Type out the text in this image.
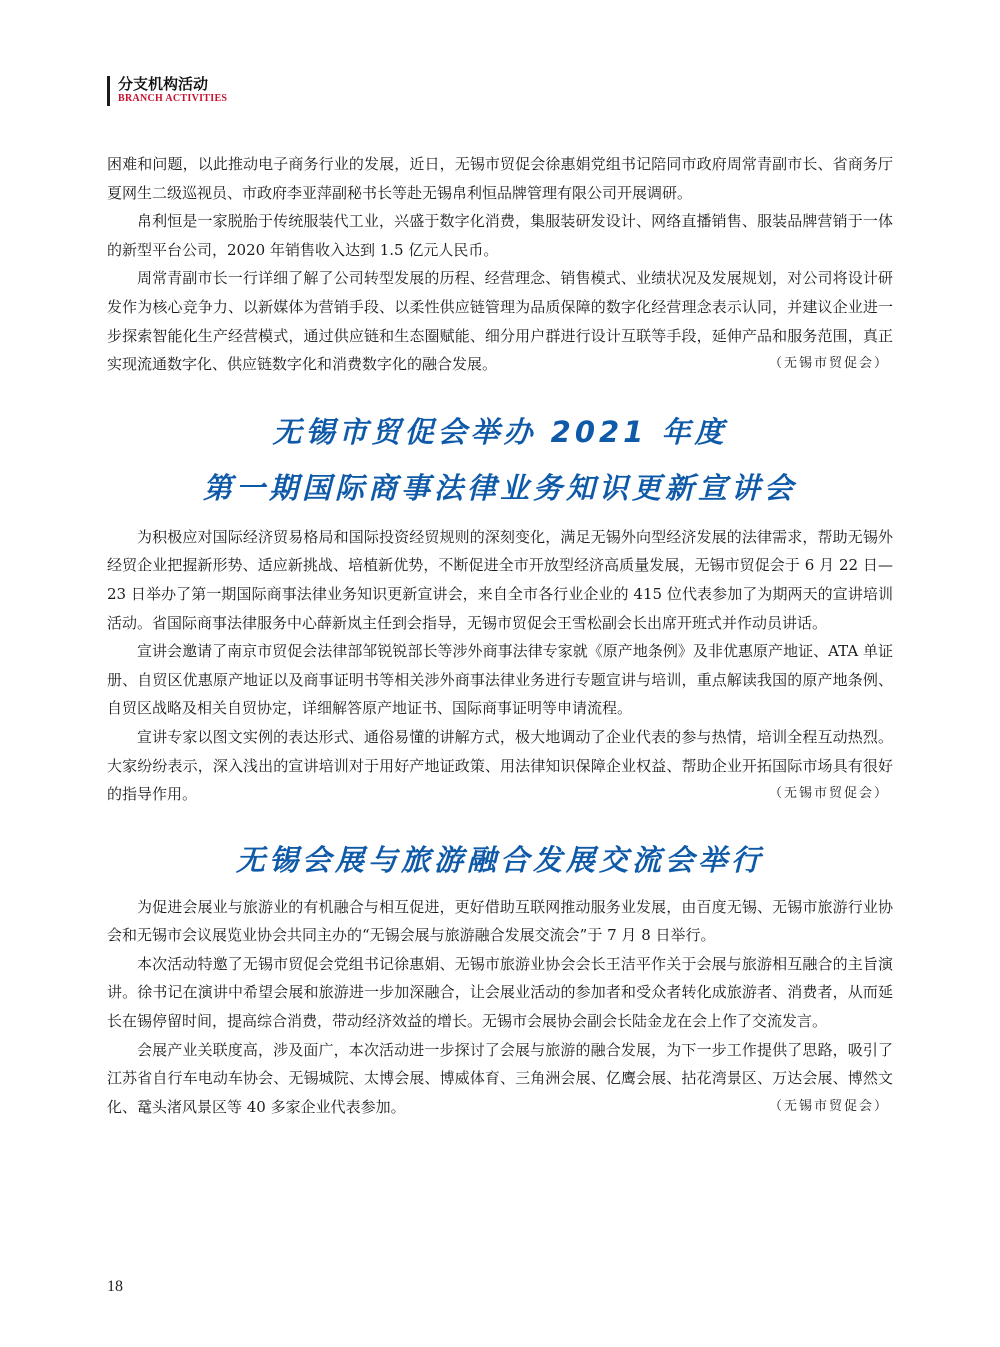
分支机构活动
BRANCH ACTIVITIES

困难和问题，以此推动电子商务行业的发展，近日，无锡市贸促会徐惠娟党组书记陪同市政府周常青副市长、省商务厅夏网生二级巡视员、市政府李亚萍副秘书长等赴无锡帛利恒品牌管理有限公司开展调研。

帛利恒是一家脱胎于传统服装代工业，兴盛于数字化消费，集服装研发设计、网络直播销售、服装品牌营销于一体的新型平台公司，2020 年销售收入达到 1.5 亿元人民币。

周常青副市长一行详细了解了公司转型发展的历程、经营理念、销售模式、业绩状况及发展规划，对公司将设计研发作为核心竞争力、以新媒体为营销手段、以柔性供应链管理为品质保障的数字化经营理念表示认同，并建议企业进一步探索智能化生产经营模式，通过供应链和生态圈赋能、细分用户群进行设计互联等手段，延伸产品和服务范围，真正实现流通数字化、供应链数字化和消费数字化的融合发展。	（无锡市贸促会）

无锡市贸促会举办 2021 年度
第一期国际商事法律业务知识更新宣讲会

为积极应对国际经济贸易格局和国际投资经贸规则的深刻变化，满足无锡外向型经济发展的法律需求，帮助无锡外经贸企业把握新形势、适应新挑战、培植新优势，不断促进全市开放型经济高质量发展，无锡市贸促会于 6 月 22 日—23 日举办了第一期国际商事法律业务知识更新宣讲会，来自全市各行业企业的 415 位代表参加了为期两天的宣讲培训活动。省国际商事法律服务中心薛新岚主任到会指导，无锡市贸促会王雪松副会长出席开班式并作动员讲话。

宣讲会邀请了南京市贸促会法律部邹锐锐部长等涉外商事法律专家就《原产地条例》及非优惠原产地证、ATA 单证册、自贸区优惠原产地证以及商事证明书等相关涉外商事法律业务进行专题宣讲与培训，重点解读我国的原产地条例、自贸区战略及相关自贸协定，详细解答原产地证书、国际商事证明等申请流程。

宣讲专家以图文实例的表达形式、通俗易懂的讲解方式，极大地调动了企业代表的参与热情，培训全程互动热烈。大家纷纷表示，深入浅出的宣讲培训对于用好产地证政策、用法律知识保障企业权益、帮助企业开拓国际市场具有很好的指导作用。	（无锡市贸促会）

无锡会展与旅游融合发展交流会举行

为促进会展业与旅游业的有机融合与相互促进，更好借助互联网推动服务业发展，由百度无锡、无锡市旅游行业协会和无锡市会议展览业协会共同主办的“无锡会展与旅游融合发展交流会”于 7 月 8 日举行。

本次活动特邀了无锡市贸促会党组书记徐惠娟、无锡市旅游业协会会长王洁平作关于会展与旅游相互融合的主旨演讲。徐书记在演讲中希望会展和旅游进一步加深融合，让会展业活动的参加者和受众者转化成旅游者、消费者，从而延长在锡停留时间，提高综合消费，带动经济效益的增长。无锡市会展协会副会长陆金龙在会上作了交流发言。

会展产业关联度高，涉及面广，本次活动进一步探讨了会展与旅游的融合发展，为下一步工作提供了思路，吸引了江苏省自行车电动车协会、无锡城院、太博会展、博威体育、三角洲会展、亿鹰会展、拈花湾景区、万达会展、博然文化、鼋头渚风景区等 40 多家企业代表参加。	（无锡市贸促会）

18
